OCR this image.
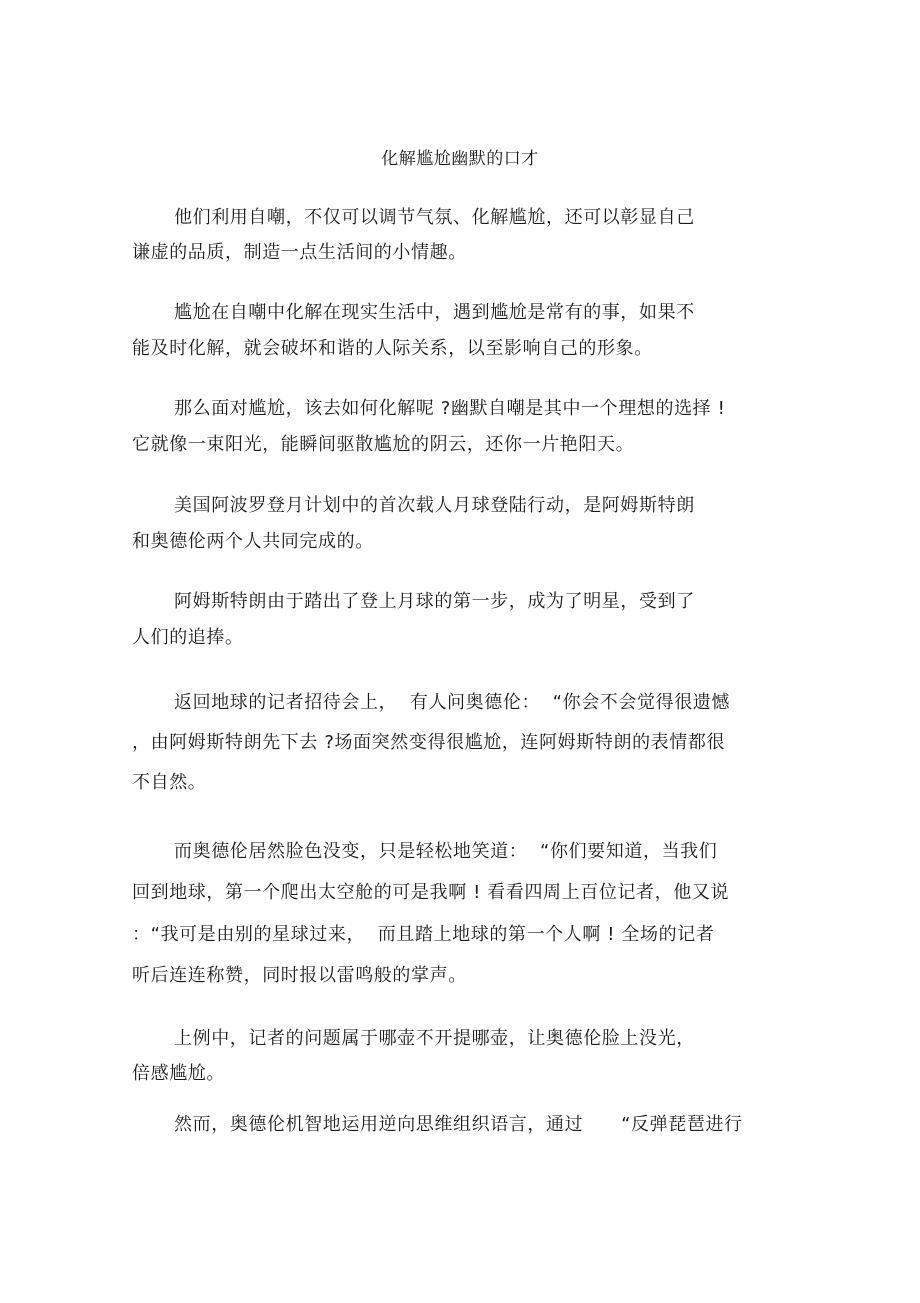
化解尴尬幽默的口才
他们利用自嘲，不仅可以调节气氛、化解尴尬，还可以彰显自己
谦虚的品质，制造一点生活间的小情趣。
尴尬在自嘲中化解在现实生活中，遇到尴尬是常有的事，如果不
能及时化解，就会破坏和谐的人际关系，以至影响自己的形象。
那么面对尴尬，该去如何化解呢 ?幽默自嘲是其中一个理想的选择 !
它就像一束阳光，能瞬间驱散尴尬的阴云，还你一片艳阳天。
美国阿波罗登月计划中的首次载人月球登陆行动，是阿姆斯特朗
和奥德伦两个人共同完成的。
阿姆斯特朗由于踏出了登上月球的第一步，成为了明星，受到了
人们的追捧。
返回地球的记者招待会上，  有人问奥德伦：  “你会不会觉得很遗憾
，由阿姆斯特朗先下去 ?场面突然变得很尴尬，连阿姆斯特朗的表情都很
不自然。
而奥德伦居然脸色没变，只是轻松地笑道：  “你们要知道，当我们
回到地球，第一个爬出太空舱的可是我啊 ! 看看四周上百位记者，他又说
：“我可是由别的星球过来，  而且踏上地球的第一个人啊 ! 全场的记者
听后连连称赞，同时报以雷鸣般的掌声。
上例中，记者的问题属于哪壶不开提哪壶，让奥德伦脸上没光，
倍感尴尬。
然而，奥德伦机智地运用逆向思维组织语言，通过      “反弹琵琶进行
